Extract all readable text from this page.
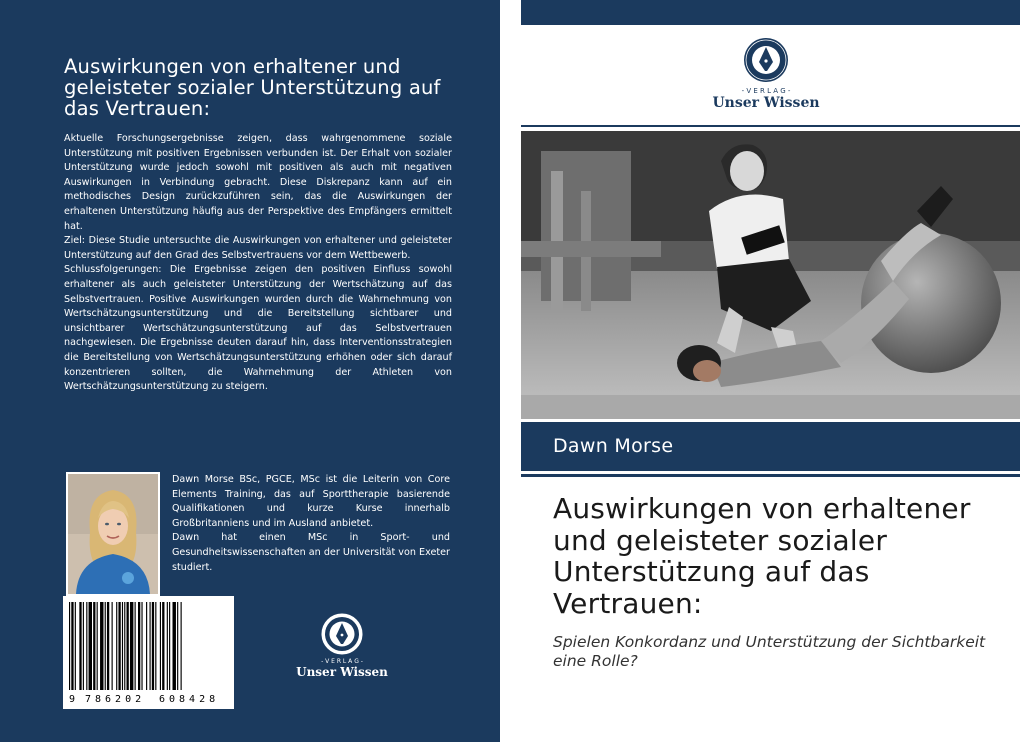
Auswirkungen von erhaltener und geleisteter sozialer Unterstützung auf das Vertrauen:

Aktuelle Forschungsergebnisse zeigen, dass wahrgenommene soziale Unterstützung mit positiven Ergebnissen verbunden ist. Der Erhalt von sozialer Unterstützung wurde jedoch sowohl mit positiven als auch mit negativen Auswirkungen in Verbindung gebracht. Diese Diskrepanz kann auf ein methodisches Design zurückzuführen sein, das die Auswirkungen der erhaltenen Unterstützung häufig aus der Perspektive des Empfängers ermittelt hat.

Ziel: Diese Studie untersuchte die Auswirkungen von erhaltener und geleisteter Unterstützung auf den Grad des Selbstvertrauens vor dem Wettbewerb.

Schlussfolgerungen: Die Ergebnisse zeigen den positiven Einfluss sowohl erhaltener als auch geleisteter Unterstützung der Wertschätzung auf das Selbstvertrauen. Positive Auswirkungen wurden durch die Wahrnehmung von Wertschätzungsunterstützung und die Bereitstellung sichtbarer und unsichtbarer Wertschätzungsunterstützung auf das Selbstvertrauen nachgewiesen. Die Ergebnisse deuten darauf hin, dass Interventionsstrategien die Bereitstellung von Wertschätzungsunterstützung erhöhen oder sich darauf konzentrieren sollten, die Wahrnehmung der Athleten von Wertschätzungsunterstützung zu steigern.

Dawn Morse BSc, PGCE, MSc ist die Leiterin von Core Elements Training, das auf Sporttherapie basierende Qualifikationen und kurze Kurse innerhalb Großbritanniens und im Ausland anbietet.

Dawn hat einen MSc in Sport- und Gesundheitswissenschaften an der Universität von Exeter studiert.

9 786202 608428
- V E R L A G -
Unser Wissen
- V E R L A G -
Unser Wissen
Dawn Morse
Auswirkungen von erhaltener und geleisteter sozialer Unterstützung auf das Vertrauen:
Spielen Konkordanz und Unterstützung der Sichtbarkeit eine Rolle?
